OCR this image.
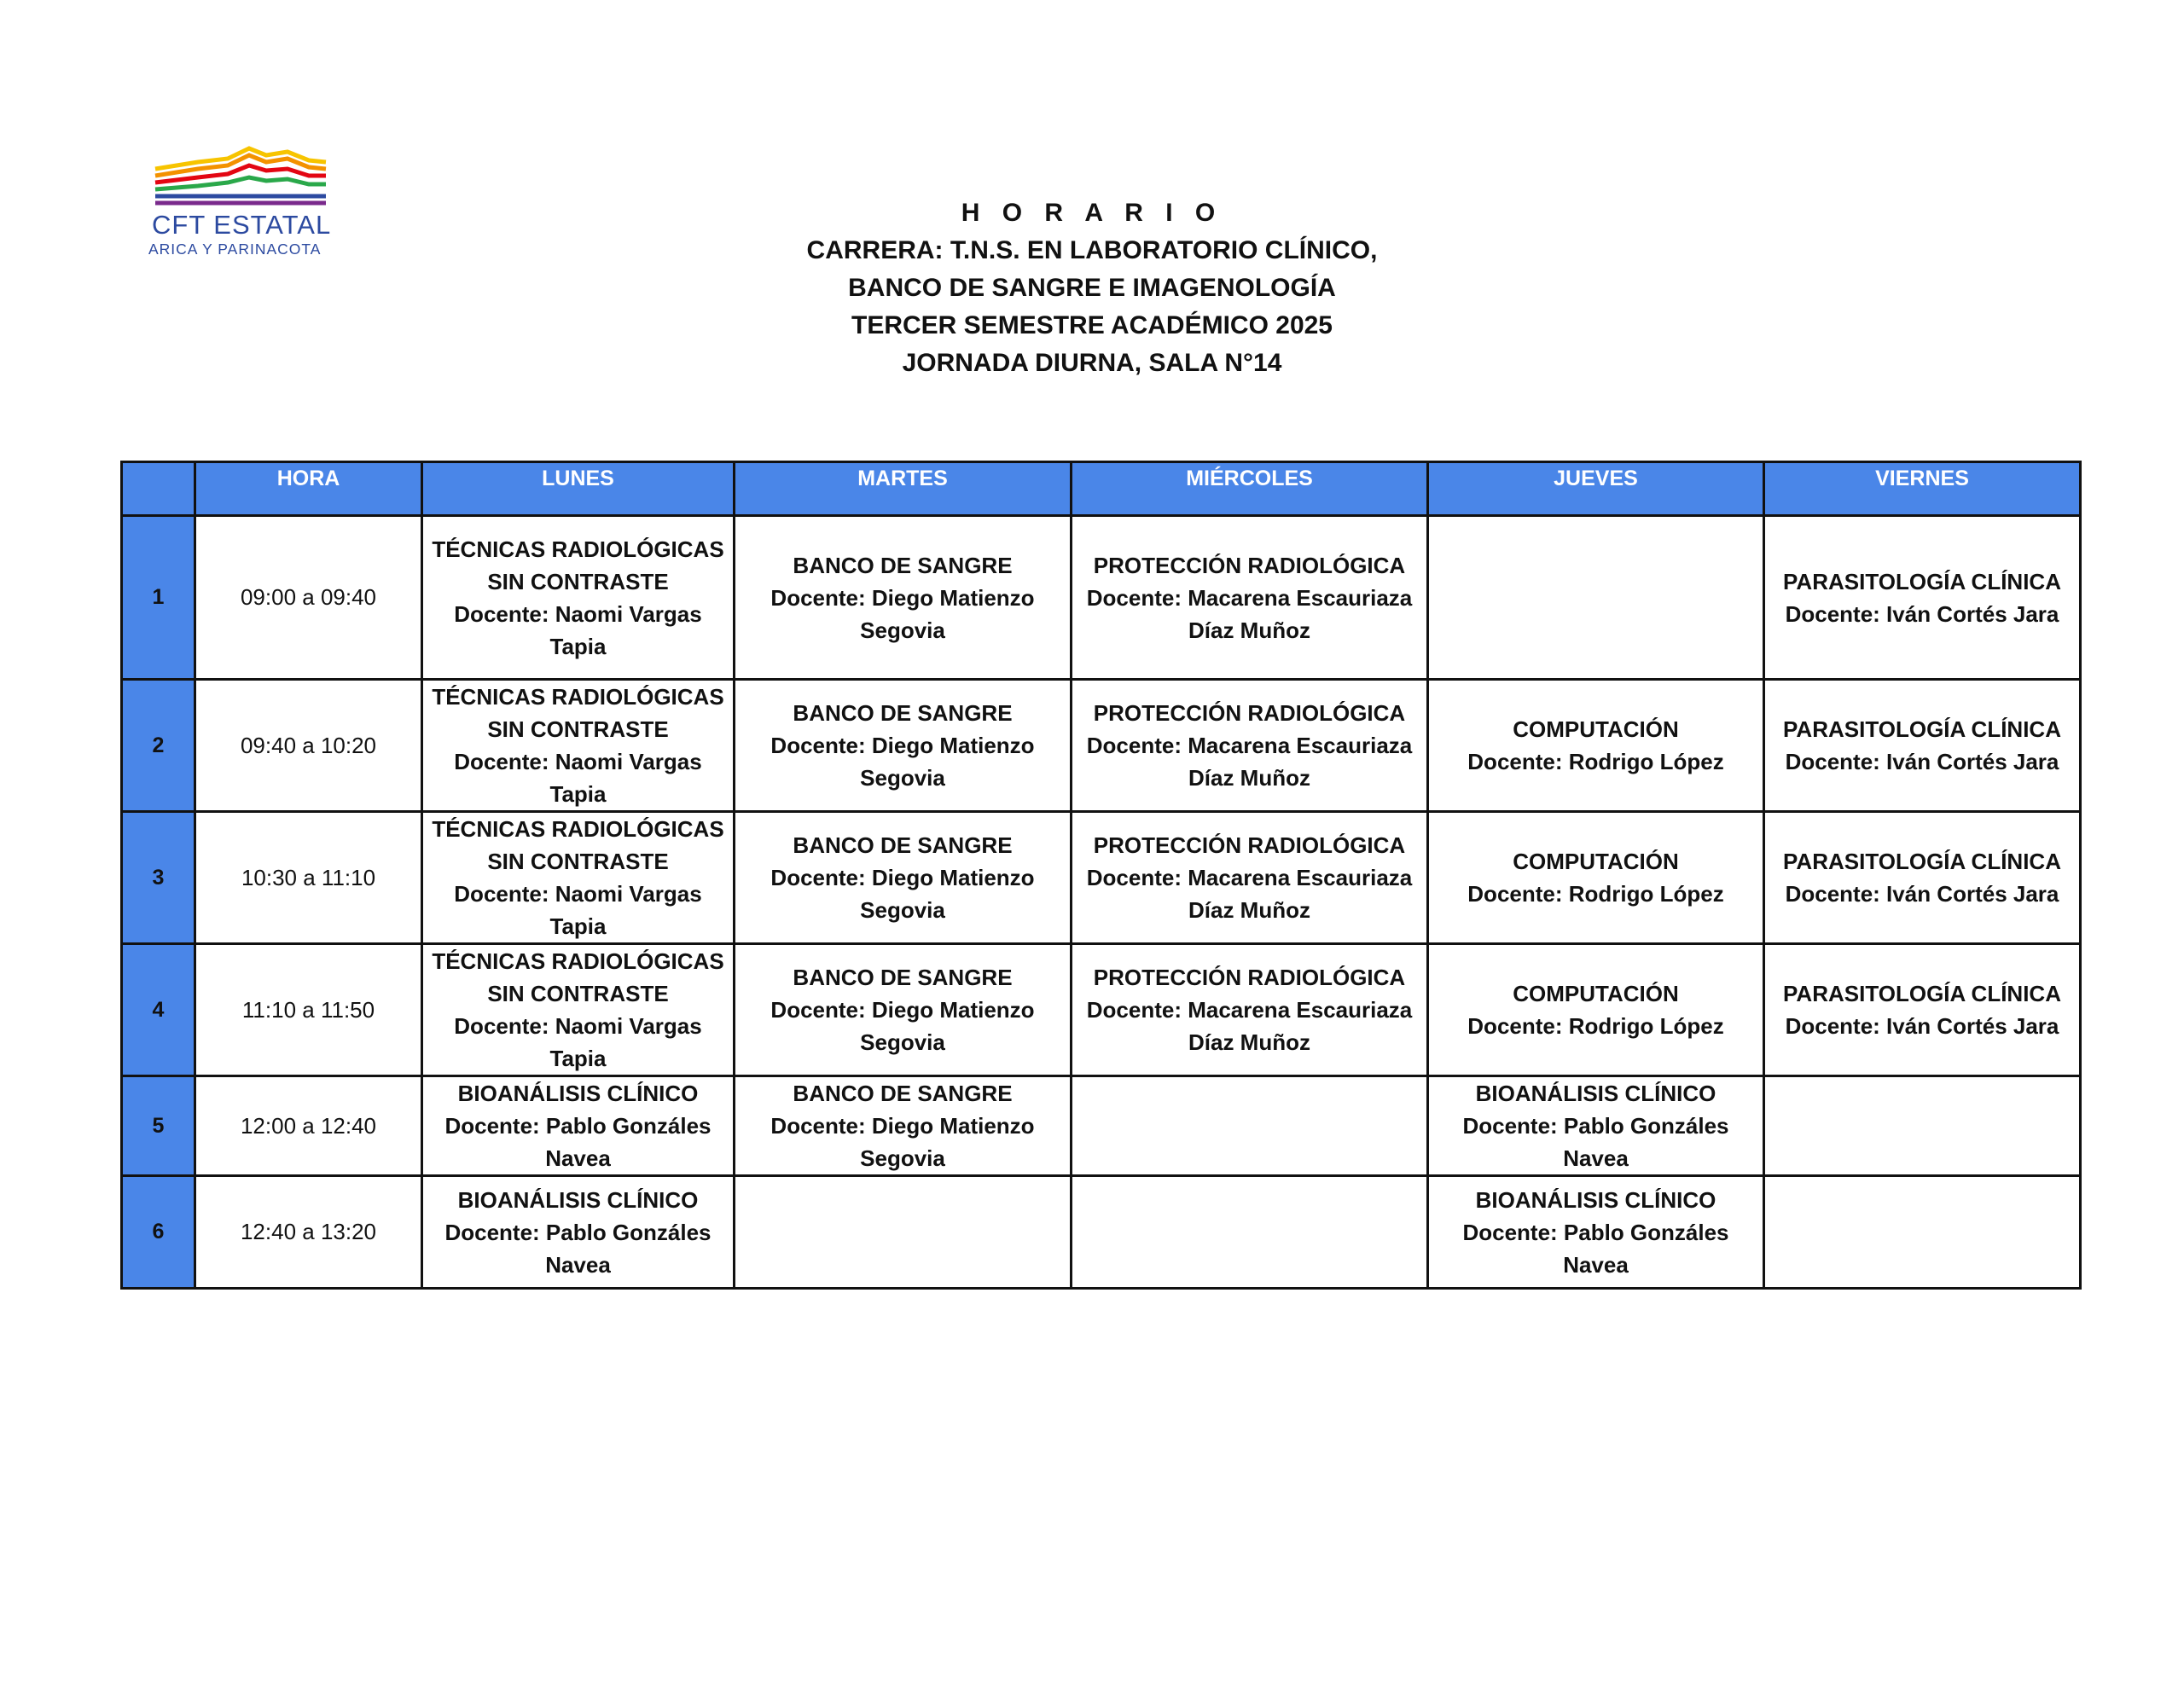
CFT ESTATAL
ARICA Y PARINACOTA
H O R A R I O
CARRERA: T.N.S. EN LABORATORIO CLÍNICO,
BANCO DE SANGRE E IMAGENOLOGÍA
TERCER SEMESTRE ACADÉMICO 2025
JORNADA DIURNA, SALA N°14
	HORA	LUNES	MARTES	MIÉRCOLES	JUEVES	VIERNES
1	09:00 a 09:40	TÉCNICAS RADIOLÓGICAS SIN CONTRASTE
Docente: Naomi Vargas Tapia	BANCO DE SANGRE
Docente: Diego Matienzo Segovia	PROTECCIÓN RADIOLÓGICA
Docente: Macarena Escauriaza Díaz Muñoz		PARASITOLOGÍA CLÍNICA
Docente: Iván Cortés Jara

2	09:40 a 10:20	TÉCNICAS RADIOLÓGICAS SIN CONTRASTE
Docente: Naomi Vargas Tapia	BANCO DE SANGRE
Docente: Diego Matienzo Segovia	PROTECCIÓN RADIOLÓGICA
Docente: Macarena Escauriaza Díaz Muñoz	COMPUTACIÓN
Docente: Rodrigo López	PARASITOLOGÍA CLÍNICA
Docente: Iván Cortés Jara

3	10:30 a 11:10	TÉCNICAS RADIOLÓGICAS SIN CONTRASTE
Docente: Naomi Vargas Tapia	BANCO DE SANGRE
Docente: Diego Matienzo Segovia	PROTECCIÓN RADIOLÓGICA
Docente: Macarena Escauriaza Díaz Muñoz	COMPUTACIÓN
Docente: Rodrigo López	PARASITOLOGÍA CLÍNICA
Docente: Iván Cortés Jara

4	11:10 a 11:50	TÉCNICAS RADIOLÓGICAS SIN CONTRASTE
Docente: Naomi Vargas Tapia	BANCO DE SANGRE
Docente: Diego Matienzo Segovia	PROTECCIÓN RADIOLÓGICA
Docente: Macarena Escauriaza Díaz Muñoz	COMPUTACIÓN
Docente: Rodrigo López	PARASITOLOGÍA CLÍNICA
Docente: Iván Cortés Jara

5	12:00 a 12:40	BIOANÁLISIS CLÍNICO
Docente: Pablo Gonzáles Navea	BANCO DE SANGRE
Docente: Diego Matienzo Segovia		BIOANÁLISIS CLÍNICO
Docente: Pablo Gonzáles Navea	

6	12:40 a 13:20	BIOANÁLISIS CLÍNICO
Docente: Pablo Gonzáles Navea			BIOANÁLISIS CLÍNICO
Docente: Pablo Gonzáles Navea	
